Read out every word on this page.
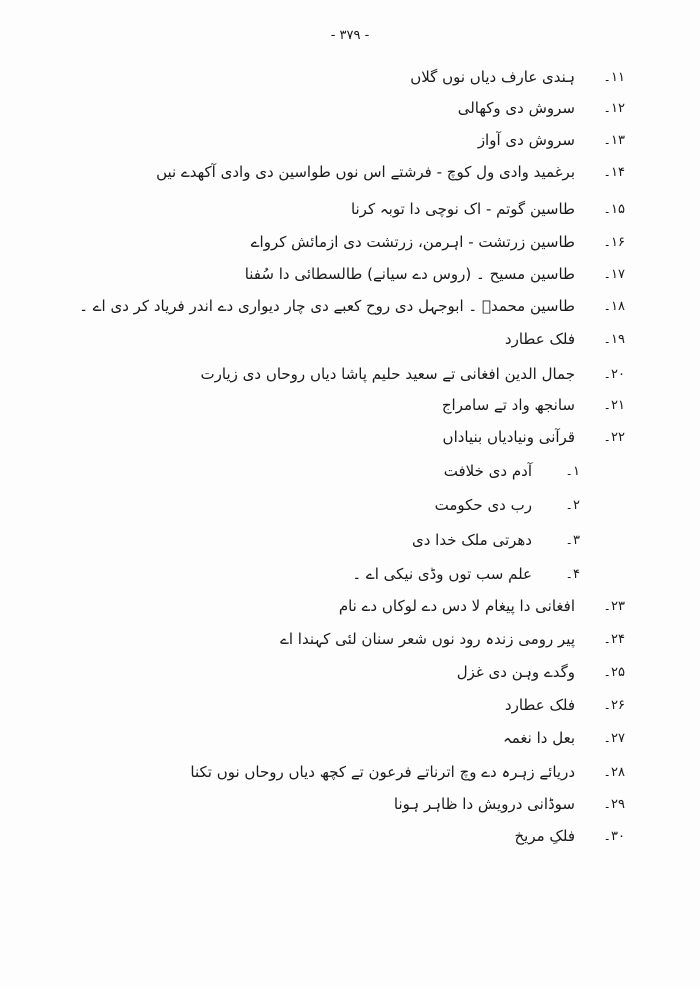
- ۳۷۹ -
۱۱۔
ہندی عارف دیاں نوں گلاں
۱۲۔
سروش دی وکھالی
۱۳۔
سروش دی آواز
۱۴۔
برغمید وادی ول کوچ - فرشتے اس نوں طواسین دی وادی آکھدے نیں
۱۵۔
طاسین گوتم - اک نوچی دا توبہ کرنا
۱۶۔
طاسین زرتشت - اہرمن، زرتشت دی ازمائش کرواے
۱۷۔
طاسین مسیح ۔ (روس دے سیانے) طالسطائی دا سُفنا
۱۸۔
طاسین محمدؐ ۔ ابوجہل دی روح کعبے دی چار دیواری دے اندر فریاد کر دی اے ۔
۱۹۔
فلک عطارد
۲۰۔
جمال الدین افغانی تے سعید حلیم پاشا دیاں روحاں دی زیارت
۲۱۔
سانجھ واد تے سامراج
۲۲۔
قرآنی ونیادیاں بنیاداں
۱۔
آدم دی خلافت
۲۔
رب دی حکومت
۳۔
دھرتی ملک خدا دی
۴۔
علم سب توں وڈی نیکی اے ۔
۲۳۔
افغانی دا پیغام لا دس دے لوکاں دے نام
۲۴۔
پیر رومی زندہ رود نوں شعر سنان لئی کہندا اے
۲۵۔
وگدے وہن دی غزل
۲۶۔
فلک عطارد
۲۷۔
بعل دا نغمہ
۲۸۔
دریائے زہرہ دے وچ اترناتے فرعون تے کچھ دیاں روحاں نوں تکنا
۲۹۔
سوڈانی درویش دا ظاہر ہونا
۳۰۔
فلکِ مریخ
